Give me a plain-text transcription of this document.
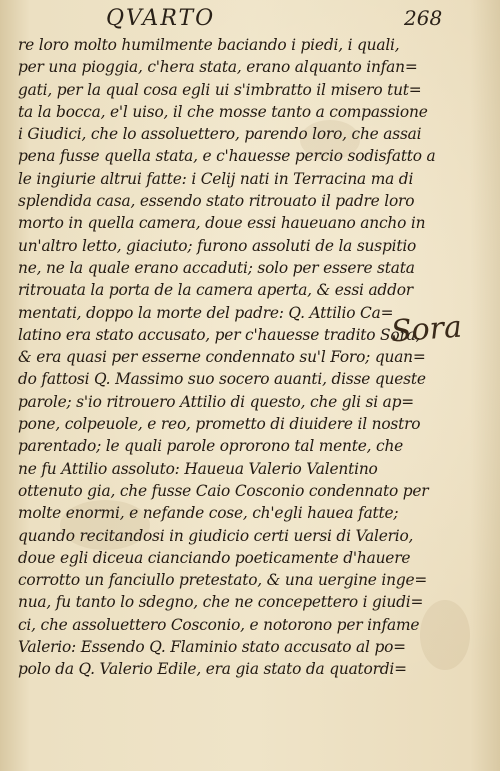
QVARTO	268
re loro molto humilmente baciando i piedi, i quali,
per una pioggia, c'hera stata, erano alquanto infan=
gati, per la qual cosa egli ui s'imbratto il misero tut=
ta la bocca, e'l uiso, il che mosse tanto a compassione
i Giudici, che lo assoluettero, parendo loro, che assai
pena fusse quella stata, e c'hauesse percio sodisfatto a
le ingiurie altrui fatte: i Celij nati in Terracina ma di
splendida casa, essendo stato ritrouato il padre loro
morto in quella camera, doue essi haueuano ancho in
un'altro letto, giaciuto; furono assoluti de la suspitio
ne, ne la quale erano accaduti; solo per essere stata
ritrouata la porta de la camera aperta, & essi addor
mentati, doppo la morte del padre: Q. Attilio Ca=
latino era stato accusato, per c'hauesse tradito Sora,
& era quasi per esserne condennato su'l Foro; quan=
do fattosi Q. Massimo suo socero auanti, disse queste
parole; s'io ritrouero Attilio di questo, che gli si ap=
pone, colpeuole, e reo, prometto di diuidere il nostro
parentado; le quali parole oprorono tal mente, che
ne fu Attilio assoluto: Haueua Valerio Valentino
ottenuto gia, che fusse Caio Cosconio condennato per
molte enormi, e nefande cose, ch'egli hauea fatte;
quando recitandosi in giudicio certi uersi di Valerio,
doue egli diceua cianciando poeticamente d'hauere
corrotto un fanciullo pretestato, & una uergine inge=
nua, fu tanto lo sdegno, che ne concepettero i giudi=
ci, che assoluettero Cosconio, e notorono per infame
Valerio: Essendo Q. Flaminio stato accusato al po=
polo da Q. Valerio Edile, era gia stato da quatordi=
Sora
